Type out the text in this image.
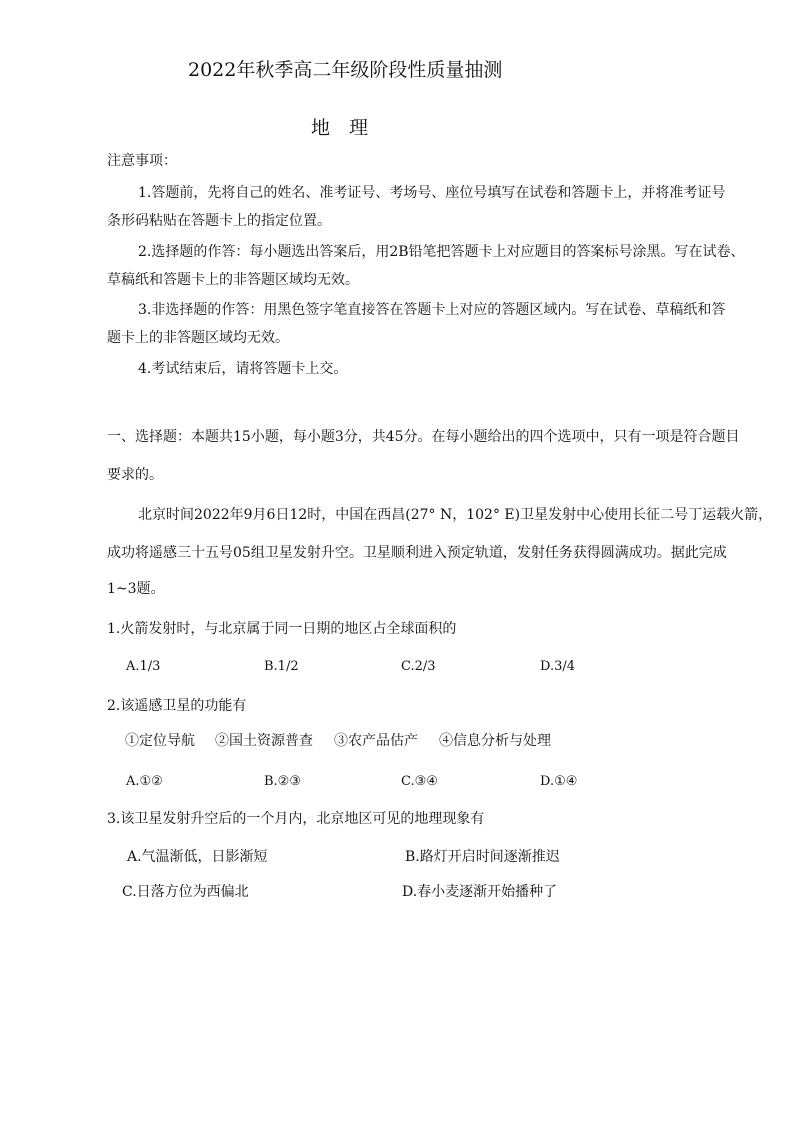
2022年秋季高二年级阶段性质量抽测
地　理
注意事项：
1.答题前，先将自己的姓名、准考证号、考场号、座位号填写在试卷和答题卡上，并将准考证号
条形码粘贴在答题卡上的指定位置。
2.选择题的作答：每小题选出答案后，用2B铅笔把答题卡上对应题目的答案标号涂黑。写在试卷、
草稿纸和答题卡上的非答题区域均无效。
3.非选择题的作答：用黑色签字笔直接答在答题卡上对应的答题区域内。写在试卷、草稿纸和答
题卡上的非答题区域均无效。
4.考试结束后，请将答题卡上交。
一、选择题：本题共15小题，每小题3分，共45分。在每小题给出的四个选项中，只有一项是符合题目
要求的。
北京时间2022年9月6日12时，中国在西昌(27° N，102° E)卫星发射中心使用长征二号丁运载火箭，
成功将遥感三十五号05组卫星发射升空。卫星顺利进入预定轨道，发射任务获得圆满成功。据此完成
1~3题。
1.火箭发射时，与北京属于同一日期的地区占全球面积的
A.1/3	B.1/2	C.2/3	D.3/4
2.该遥感卫星的功能有
①定位导航 ②国土资源普查 ③农产品估产 ④信息分析与处理
A.①②	B.②③	C.③④	D.①④
3.该卫星发射升空后的一个月内，北京地区可见的地理现象有
A.气温渐低，日影渐短	B.路灯开启时间逐渐推迟
C.日落方位为西偏北	D.春小麦逐渐开始播种了
